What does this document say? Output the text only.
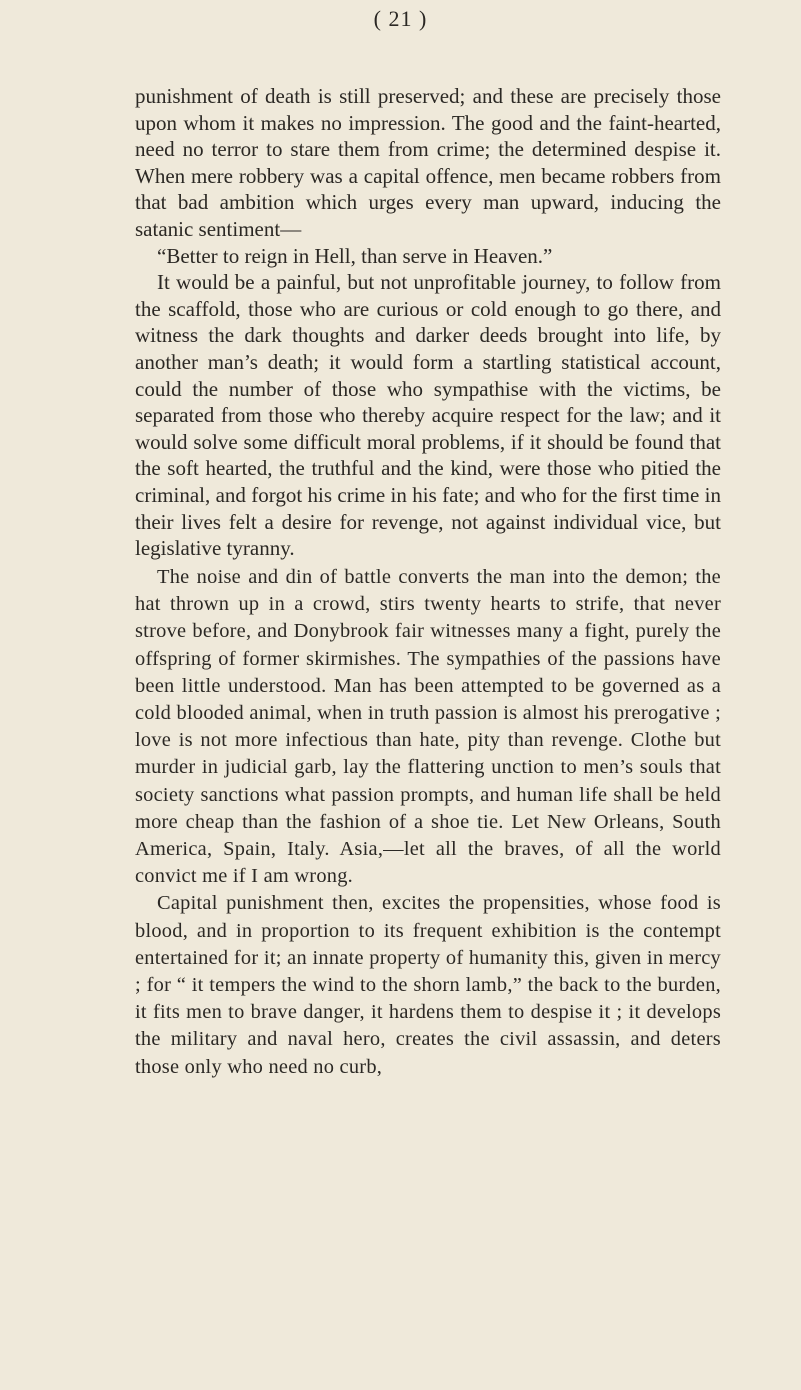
( 21 )

punishment of death is still preserved; and these are precisely those upon whom it makes no impression. The good and the faint-hearted, need no terror to stare them from crime; the determined despise it. When mere robbery was a capital offence, men became robbers from that bad ambition which urges every man upward, inducing the satanic sentiment—

“Better to reign in Hell, than serve in Heaven.”

It would be a painful, but not unprofitable journey, to follow from the scaffold, those who are curious or cold enough to go there, and witness the dark thoughts and darker deeds brought into life, by another man’s death; it would form a startling statistical account, could the number of those who sympathise with the victims, be separated from those who thereby acquire respect for the law; and it would solve some difficult moral problems, if it should be found that the soft hearted, the truthful and the kind, were those who pitied the criminal, and forgot his crime in his fate; and who for the first time in their lives felt a desire for revenge, not against individual vice, but legislative tyranny.

The noise and din of battle converts the man into the demon; the hat thrown up in a crowd, stirs twenty hearts to strife, that never strove before, and Donybrook fair witnesses many a fight, purely the offspring of former skirmishes. The sympathies of the passions have been little understood. Man has been attempted to be governed as a cold blooded animal, when in truth passion is almost his prerogative ; love is not more infectious than hate, pity than revenge. Clothe but murder in judicial garb, lay the flattering unction to men’s souls that society sanctions what passion prompts, and human life shall be held more cheap than the fashion of a shoe tie. Let New Orleans, South America, Spain, Italy. Asia,—let all the braves, of all the world convict me if I am wrong.

Capital punishment then, excites the propensities, whose food is blood, and in proportion to its frequent exhibition is the contempt entertained for it; an innate property of humanity this, given in mercy ; for “ it tempers the wind to the shorn lamb,” the back to the burden, it fits men to brave danger, it hardens them to despise it ; it develops the military and naval hero, creates the civil assassin, and deters those only who need no curb,
